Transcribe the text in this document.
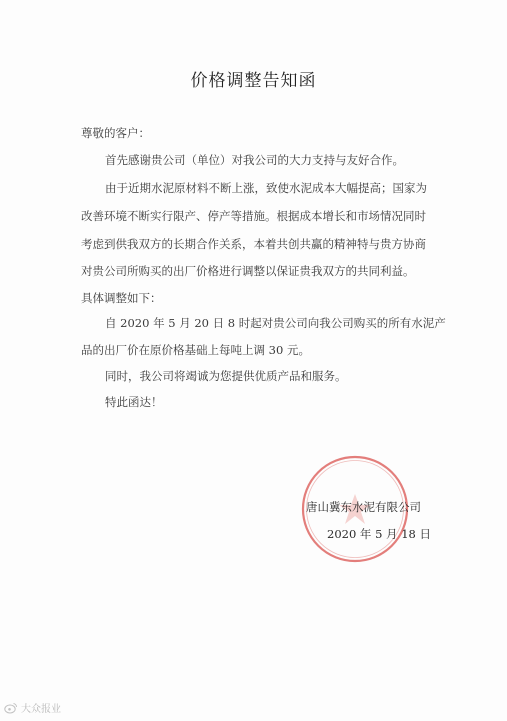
价格调整告知函
尊敬的客户：
首先感谢贵公司（单位）对我公司的大力支持与友好合作。
由于近期水泥原材料不断上涨，致使水泥成本大幅提高；国家为
改善环境不断实行限产、停产等措施。根据成本增长和市场情况同时
考虑到供我双方的长期合作关系，本着共创共赢的精神特与贵方协商
对贵公司所购买的出厂价格进行调整以保证贵我双方的共同利益。
具体调整如下：
自 2020 年 5 月 20 日 8 时起对贵公司向我公司购买的所有水泥产
品的出厂价在原价格基础上每吨上调 30 元。
同时，我公司将竭诚为您提供优质产品和服务。
特此函达！
唐山冀东水泥有限公司
2020 年 5 月 18 日
大众报业
